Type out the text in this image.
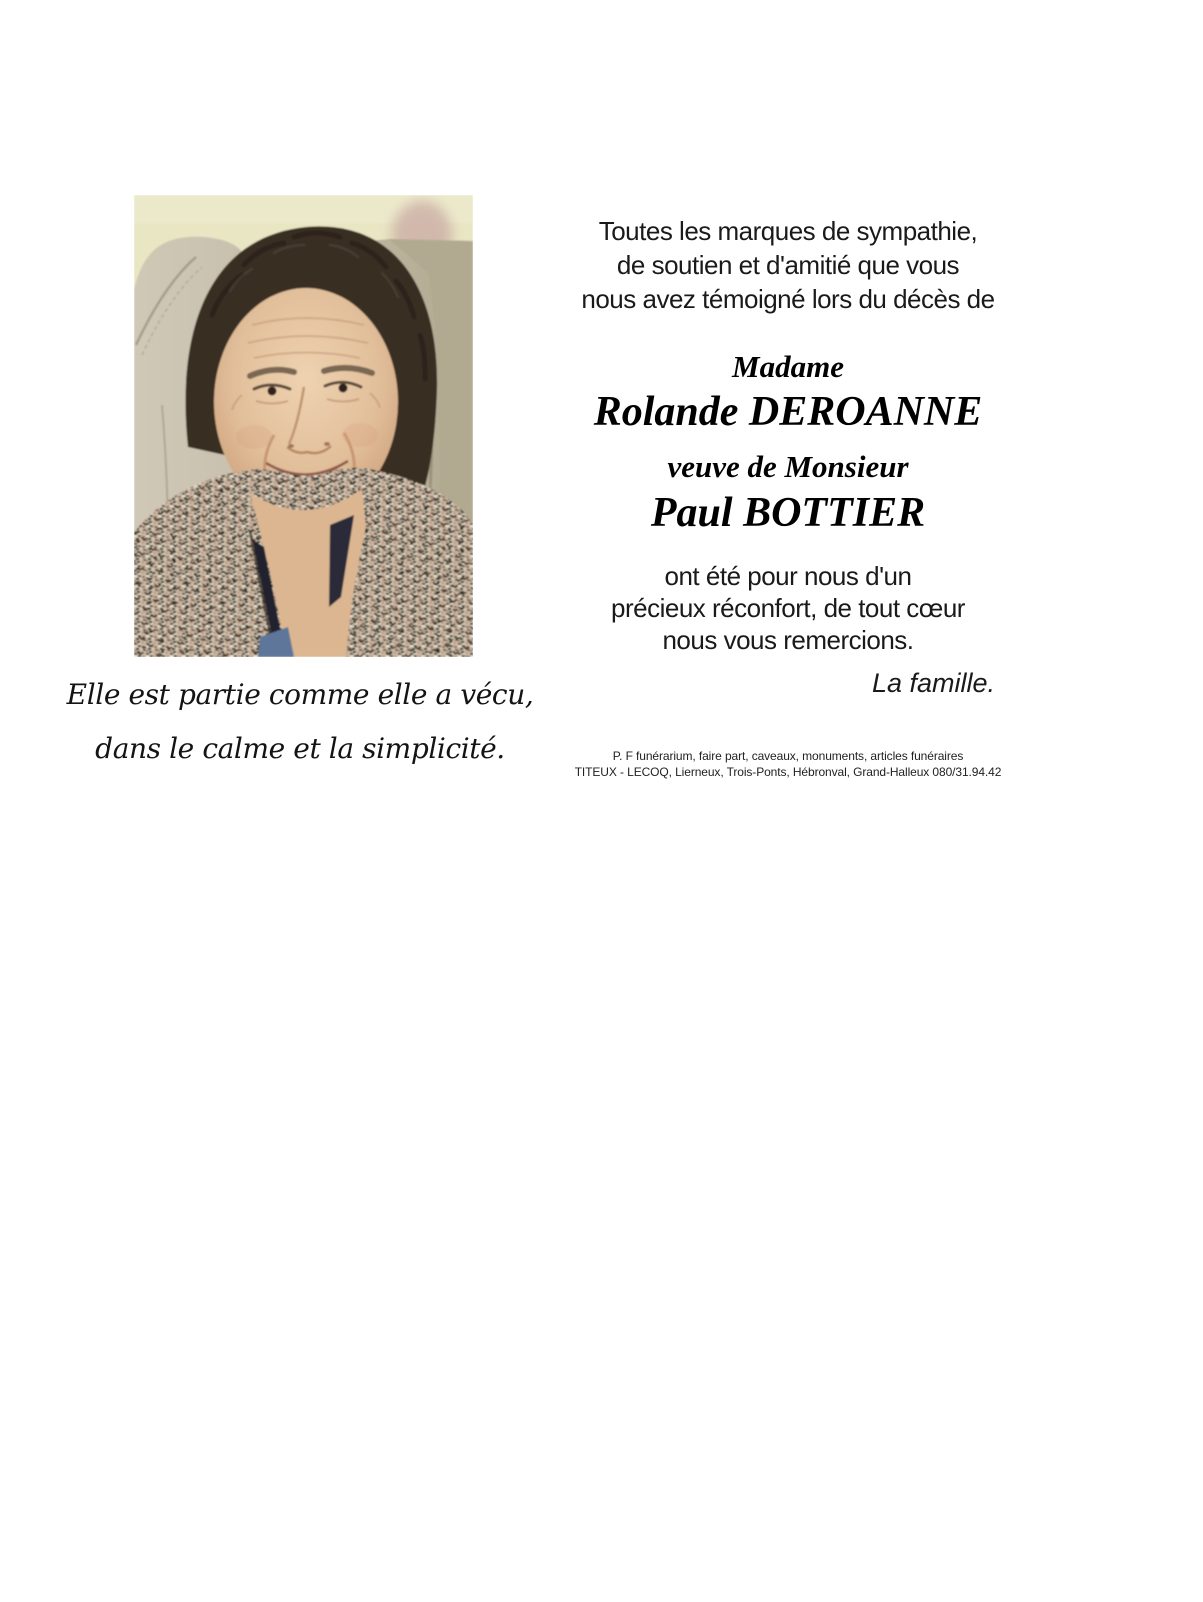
Elle est partie comme elle a vécu,
dans le calme et la simplicité.
Toutes les marques de sympathie,
de soutien et d'amitié que vous
nous avez témoigné lors du décès de
Madame
Rolande DEROANNE
veuve de Monsieur
Paul BOTTIER
ont été pour nous d'un
précieux réconfort, de tout cœur
nous vous remercions.
La famille.
P. F funérarium, faire part, caveaux, monuments, articles funéraires
TITEUX - LECOQ, Lierneux, Trois-Ponts, Hébronval, Grand-Halleux 080/31.94.42
